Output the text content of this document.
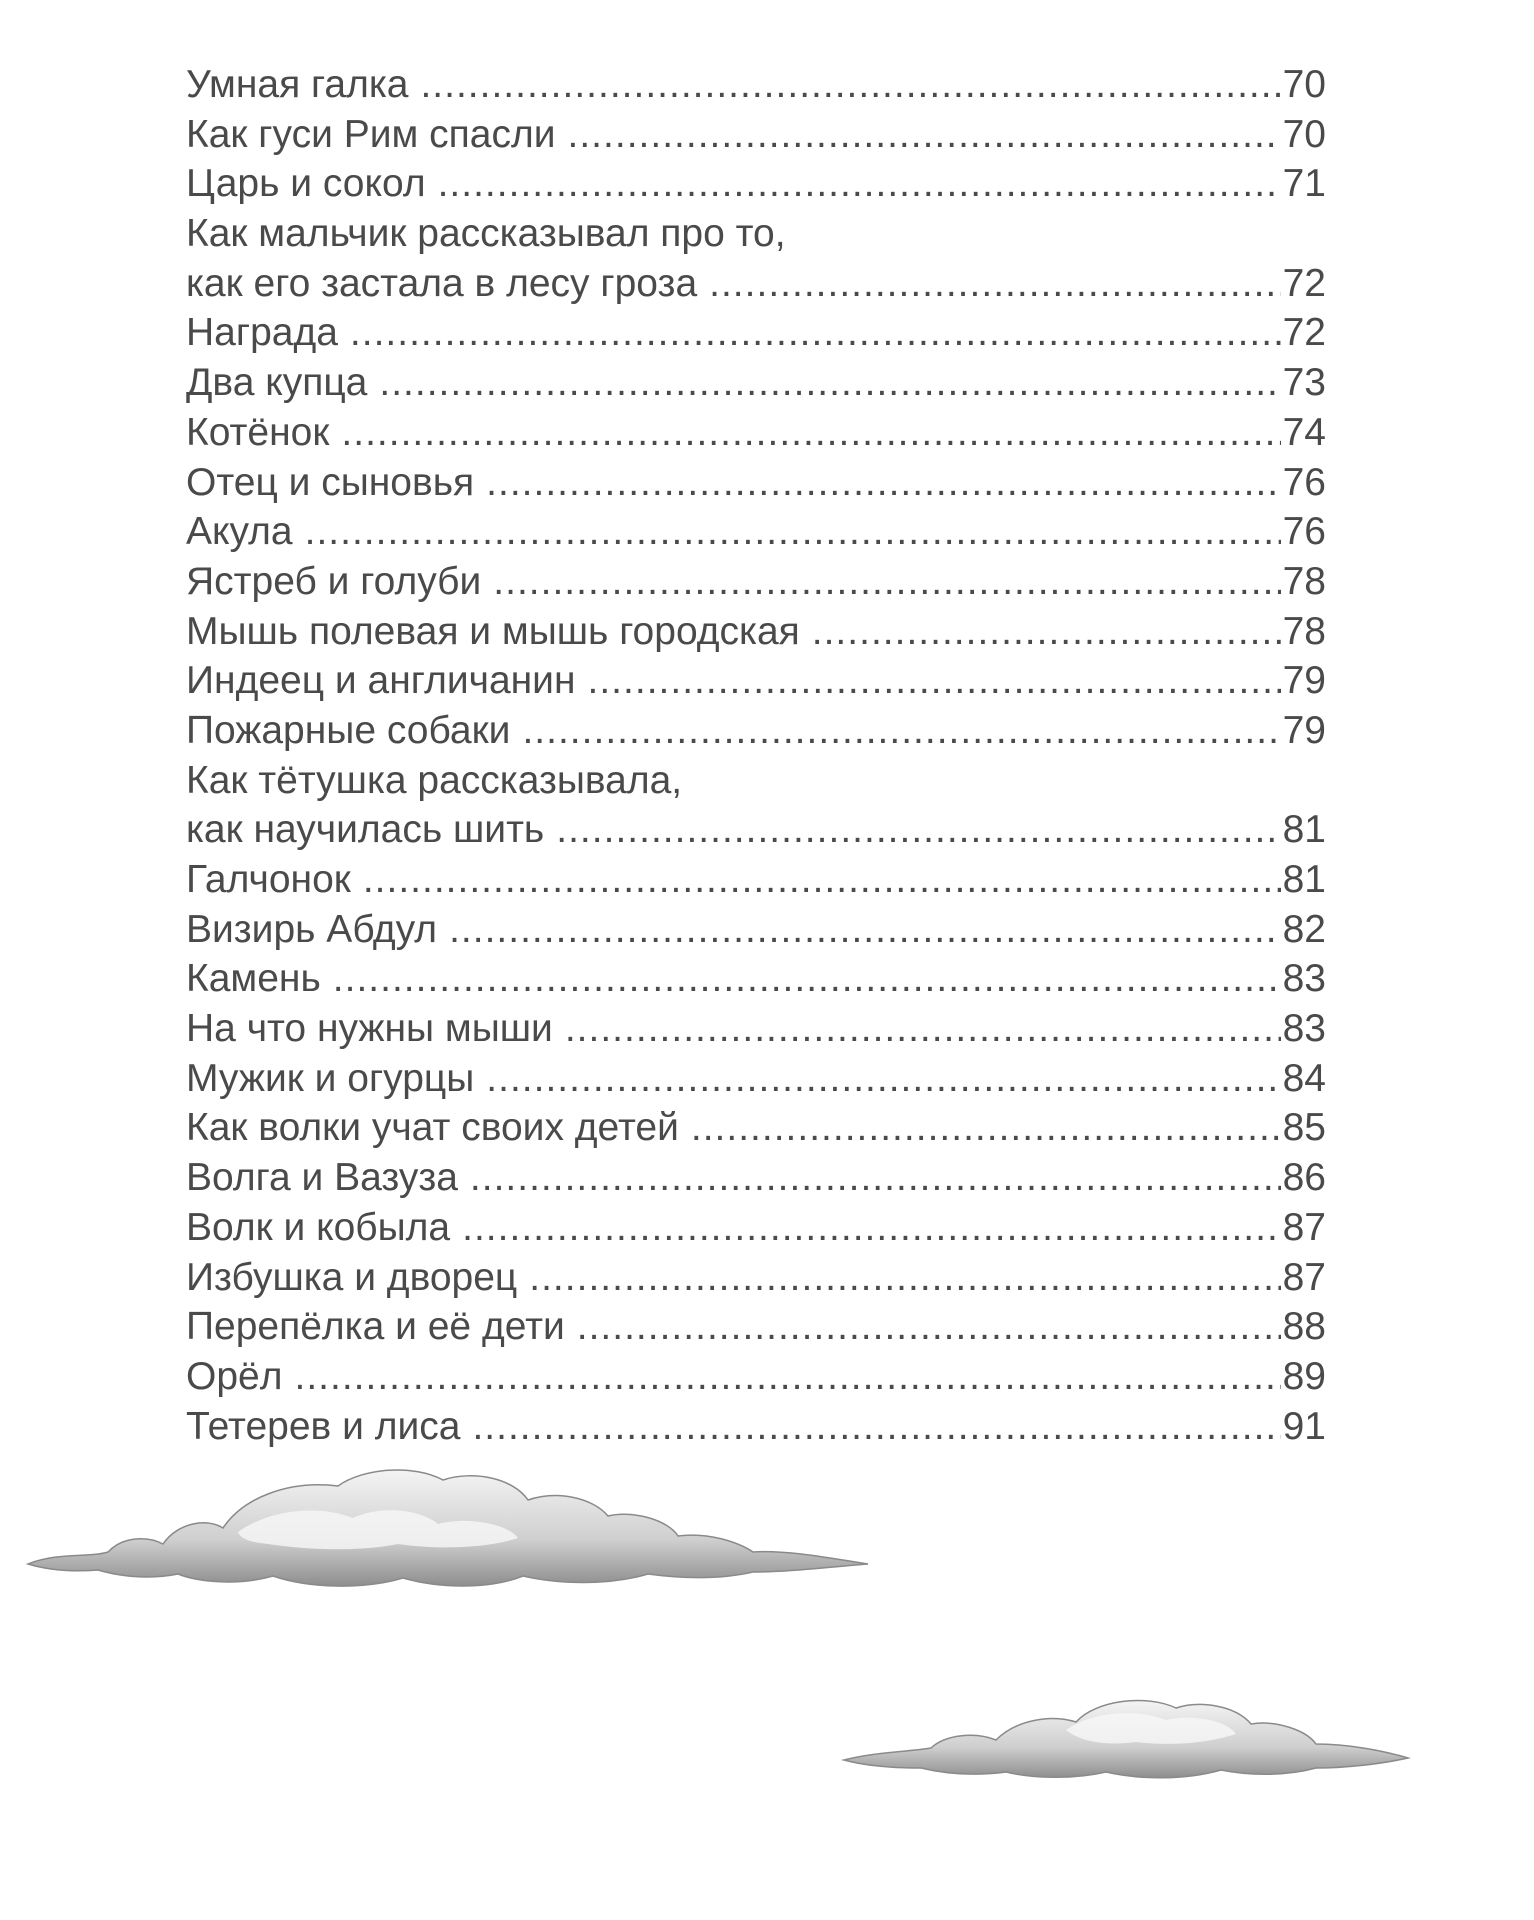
Умная галка .....	70
Как гуси Рим спасли .....	70
Царь и сокол .....	71
Как мальчик рассказывал про то,
как его застала в лесу гроза .....	72
Награда .....	72
Два купца .....	73
Котёнок .....	74
Отец и сыновья .....	76
Акула .....	76
Ястреб и голуби .....	78
Мышь полевая и мышь городская .....	78
Индеец и англичанин .....	79
Пожарные собаки .....	79
Как тётушка рассказывала,
как научилась шить .....	81
Галчонок .....	81
Визирь Абдул .....	82
Камень .....	83
На что нужны мыши .....	83
Мужик и огурцы .....	84
Как волки учат своих детей .....	85
Волга и Вазуза .....	86
Волк и кобыла .....	87
Избушка и дворец .....	87
Перепёлка и её дети .....	88
Орёл .....	89
Тетерев и лиса .....	91
